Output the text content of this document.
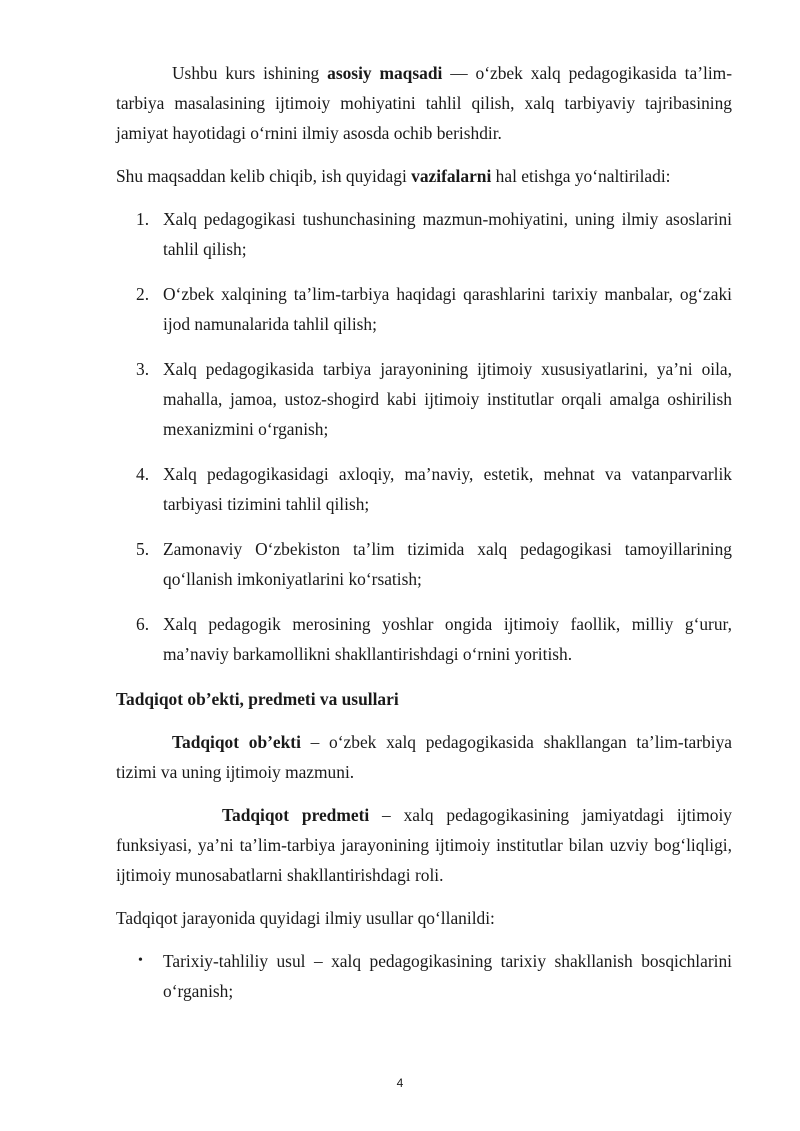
Ushbu kurs ishining asosiy maqsadi — o‘zbek xalq pedagogikasida ta’lim-tarbiya masalasining ijtimoiy mohiyatini tahlil qilish, xalq tarbiyaviy tajribasining jamiyat hayotidagi o‘rnini ilmiy asosda ochib berishdir.

Shu maqsaddan kelib chiqib, ish quyidagi vazifalarni hal etishga yo‘naltiriladi:

1. Xalq pedagogikasi tushunchasining mazmun-mohiyatini, uning ilmiy asoslarini tahlil qilish;
2. O‘zbek xalqining ta’lim-tarbiya haqidagi qarashlarini tarixiy manbalar, og‘zaki ijod namunalarida tahlil qilish;
3. Xalq pedagogikasida tarbiya jarayonining ijtimoiy xususiyatlarini, ya’ni oila, mahalla, jamoa, ustoz-shogird kabi ijtimoiy institutlar orqali amalga oshirilish mexanizmini o‘rganish;
4. Xalq pedagogikasidagi axloqiy, ma’naviy, estetik, mehnat va vatanparvarlik tarbiyasi tizimini tahlil qilish;
5. Zamonaviy O‘zbekiston ta’lim tizimida xalq pedagogikasi tamoyillarining qo‘llanish imkoniyatlarini ko‘rsatish;
6. Xalq pedagogik merosining yoshlar ongida ijtimoiy faollik, milliy g‘urur, ma’naviy barkamollikni shakllantirishdagi o‘rnini yoritish.

Tadqiqot ob’ekti, predmeti va usullari

Tadqiqot ob’ekti – o‘zbek xalq pedagogikasida shakllangan ta’lim-tarbiya tizimi va uning ijtimoiy mazmuni.

Tadqiqot predmeti – xalq pedagogikasining jamiyatdagi ijtimoiy funksiyasi, ya’ni ta’lim-tarbiya jarayonining ijtimoiy institutlar bilan uzviy bog‘liqligi, ijtimoiy munosabatlarni shakllantirishdagi roli.

Tadqiqot jarayonida quyidagi ilmiy usullar qo‘llanildi:

• Tarixiy-tahliliy usul – xalq pedagogikasining tarixiy shakllanish bosqichlarini o‘rganish;
4
